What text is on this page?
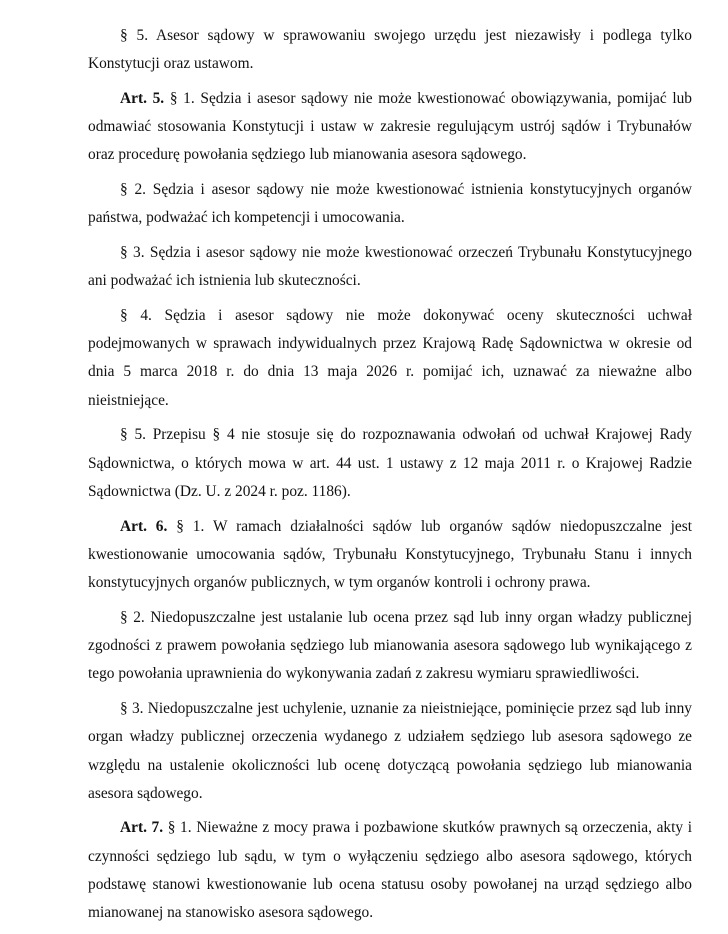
§ 5. Asesor sądowy w sprawowaniu swojego urzędu jest niezawisły i podlega tylko Konstytucji oraz ustawom.

Art. 5. § 1. Sędzia i asesor sądowy nie może kwestionować obowiązywania, pomijać lub odmawiać stosowania Konstytucji i ustaw w zakresie regulującym ustrój sądów i Trybunałów oraz procedurę powołania sędziego lub mianowania asesora sądowego.

§ 2. Sędzia i asesor sądowy nie może kwestionować istnienia konstytucyjnych organów państwa, podważać ich kompetencji i umocowania.

§ 3. Sędzia i asesor sądowy nie może kwestionować orzeczeń Trybunału Konstytucyjnego ani podważać ich istnienia lub skuteczności.

§ 4. Sędzia i asesor sądowy nie może dokonywać oceny skuteczności uchwał podejmowanych w sprawach indywidualnych przez Krajową Radę Sądownictwa w okresie od dnia 5 marca 2018 r. do dnia 13 maja 2026 r. pomijać ich, uznawać za nieważne albo nieistniejące.

§ 5. Przepisu § 4 nie stosuje się do rozpoznawania odwołań od uchwał Krajowej Rady Sądownictwa, o których mowa w art. 44 ust. 1 ustawy z 12 maja 2011 r. o Krajowej Radzie Sądownictwa (Dz. U. z 2024 r. poz. 1186).

Art. 6. § 1. W ramach działalności sądów lub organów sądów niedopuszczalne jest kwestionowanie umocowania sądów, Trybunału Konstytucyjnego, Trybunału Stanu i innych konstytucyjnych organów publicznych, w tym organów kontroli i ochrony prawa.

§ 2. Niedopuszczalne jest ustalanie lub ocena przez sąd lub inny organ władzy publicznej zgodności z prawem powołania sędziego lub mianowania asesora sądowego lub wynikającego z tego powołania uprawnienia do wykonywania zadań z zakresu wymiaru sprawiedliwości.

§ 3. Niedopuszczalne jest uchylenie, uznanie za nieistniejące, pominięcie przez sąd lub inny organ władzy publicznej orzeczenia wydanego z udziałem sędziego lub asesora sądowego ze względu na ustalenie okoliczności lub ocenę dotyczącą powołania sędziego lub mianowania asesora sądowego.

Art. 7. § 1. Nieważne z mocy prawa i pozbawione skutków prawnych są orzeczenia, akty i czynności sędziego lub sądu, w tym o wyłączeniu sędziego albo asesora sądowego, których podstawę stanowi kwestionowanie lub ocena statusu osoby powołanej na urząd sędziego albo mianowanej na stanowisko asesora sądowego.
